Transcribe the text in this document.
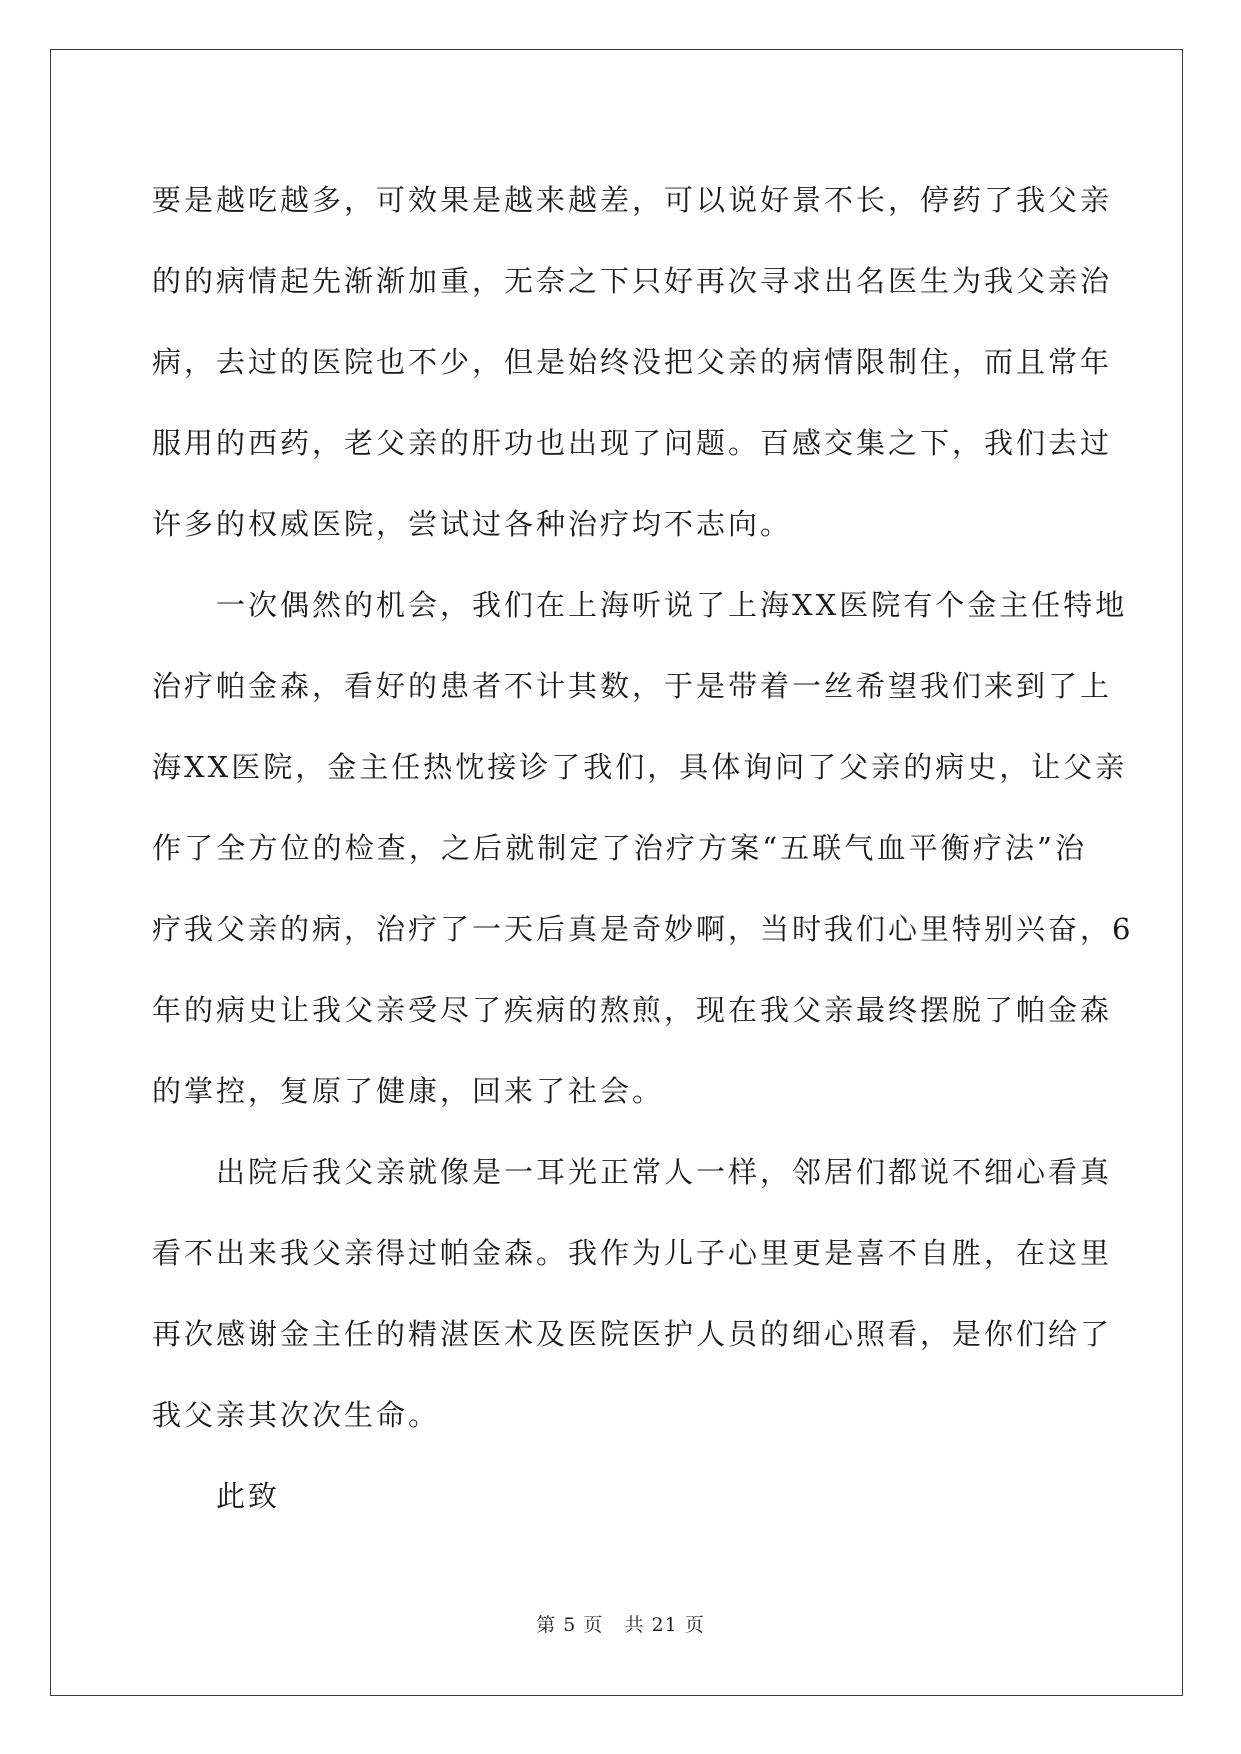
要是越吃越多，可效果是越来越差，可以说好景不长，停药了我父亲
的的病情起先渐渐加重，无奈之下只好再次寻求出名医生为我父亲治
病，去过的医院也不少，但是始终没把父亲的病情限制住，而且常年
服用的西药，老父亲的肝功也出现了问题。百感交集之下，我们去过
许多的权威医院，尝试过各种治疗均不志向。

一次偶然的机会，我们在上海听说了上海XX医院有个金主任特地
治疗帕金森，看好的患者不计其数，于是带着一丝希望我们来到了上
海XX医院，金主任热忱接诊了我们，具体询问了父亲的病史，让父亲
作了全方位的检查，之后就制定了治疗方案“五联气血平衡疗法”治
疗我父亲的病，治疗了一天后真是奇妙啊，当时我们心里特别兴奋，6
年的病史让我父亲受尽了疾病的熬煎，现在我父亲最终摆脱了帕金森
的掌控，复原了健康，回来了社会。

出院后我父亲就像是一耳光正常人一样，邻居们都说不细心看真
看不出来我父亲得过帕金森。我作为儿子心里更是喜不自胜，在这里
再次感谢金主任的精湛医术及医院医护人员的细心照看，是你们给了
我父亲其次次生命。

此致

第 5 页 共 21 页
